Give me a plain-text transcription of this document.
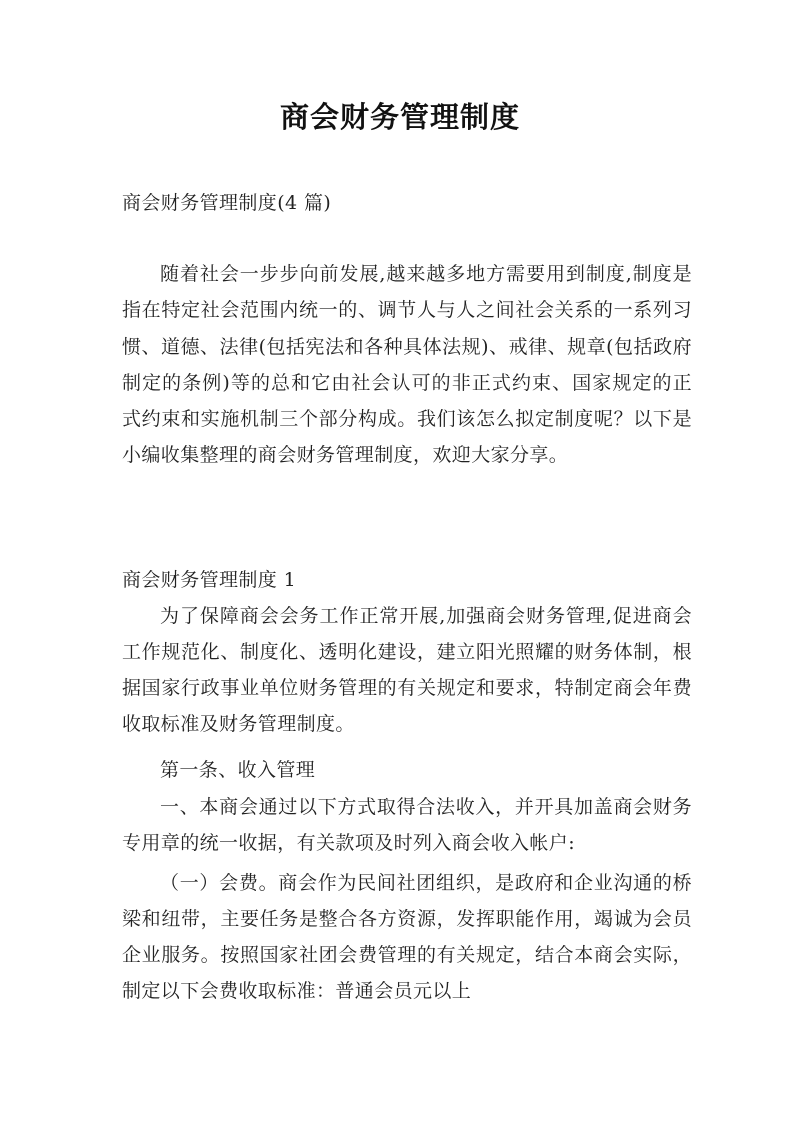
商会财务管理制度

商会财务管理制度(4 篇)

随着社会一步步向前发展,越来越多地方需要用到制度,制度是指在特定社会范围内统一的、调节人与人之间社会关系的一系列习惯、道德、法律(包括宪法和各种具体法规)、戒律、规章(包括政府制定的条例)等的总和它由社会认可的非正式约束、国家规定的正式约束和实施机制三个部分构成。我们该怎么拟定制度呢？以下是小编收集整理的商会财务管理制度，欢迎大家分享。

商会财务管理制度 1

为了保障商会会务工作正常开展,加强商会财务管理,促进商会工作规范化、制度化、透明化建设，建立阳光照耀的财务体制，根据国家行政事业单位财务管理的有关规定和要求，特制定商会年费收取标准及财务管理制度。

第一条、收入管理

一、本商会通过以下方式取得合法收入，并开具加盖商会财务专用章的统一收据，有关款项及时列入商会收入帐户:

（一）会费。商会作为民间社团组织，是政府和企业沟通的桥梁和纽带，主要任务是整合各方资源，发挥职能作用，竭诚为会员企业服务。按照国家社团会费管理的有关规定，结合本商会实际，制定以下会费收取标准：普通会员元以上
